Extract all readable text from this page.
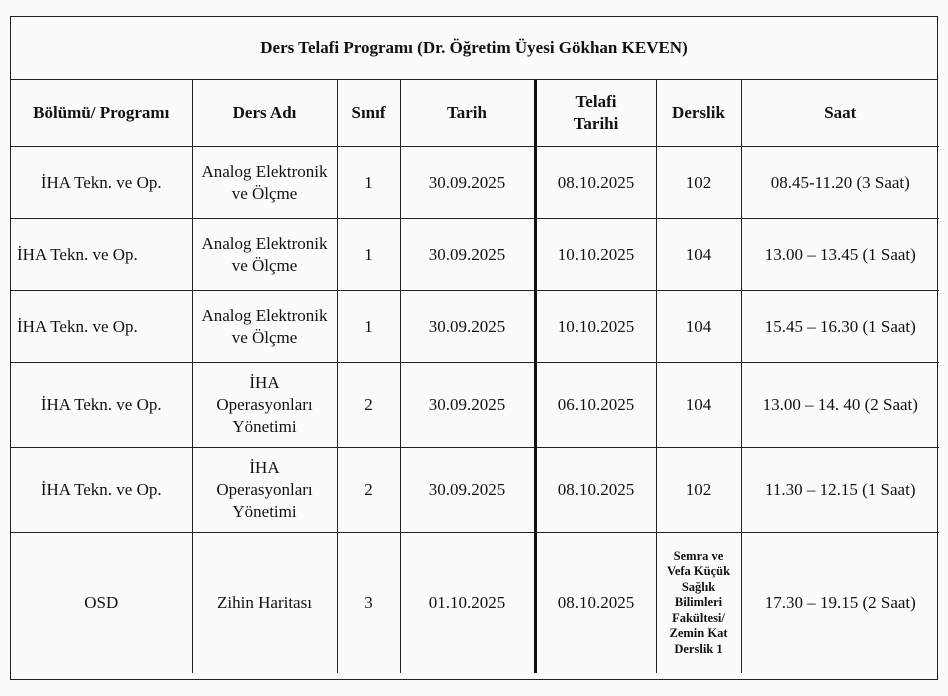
Ders Telafi Programı (Dr. Öğretim Üyesi Gökhan KEVEN)
Bölümü/ Programı	Ders Adı	Sınıf	Tarih	Telafi Tarihi	Derslik	Saat
İHA Tekn. ve Op.	Analog Elektronik ve Ölçme	1	30.09.2025	08.10.2025	102	08.45-11.20 (3 Saat)
İHA Tekn. ve Op.	Analog Elektronik ve Ölçme	1	30.09.2025	10.10.2025	104	13.00 – 13.45 (1 Saat)
İHA Tekn. ve Op.	Analog Elektronik ve Ölçme	1	30.09.2025	10.10.2025	104	15.45 – 16.30 (1 Saat)
İHA Tekn. ve Op.	İHA Operasyonları Yönetimi	2	30.09.2025	06.10.2025	104	13.00 – 14. 40 (2 Saat)
İHA Tekn. ve Op.	İHA Operasyonları Yönetimi	2	30.09.2025	08.10.2025	102	11.30 – 12.15 (1 Saat)
OSD	Zihin Haritası	3	01.10.2025	08.10.2025	Semra ve Vefa Küçük Sağlık Bilimleri Fakültesi/ Zemin Kat Derslik 1	17.30 – 19.15 (2 Saat)
